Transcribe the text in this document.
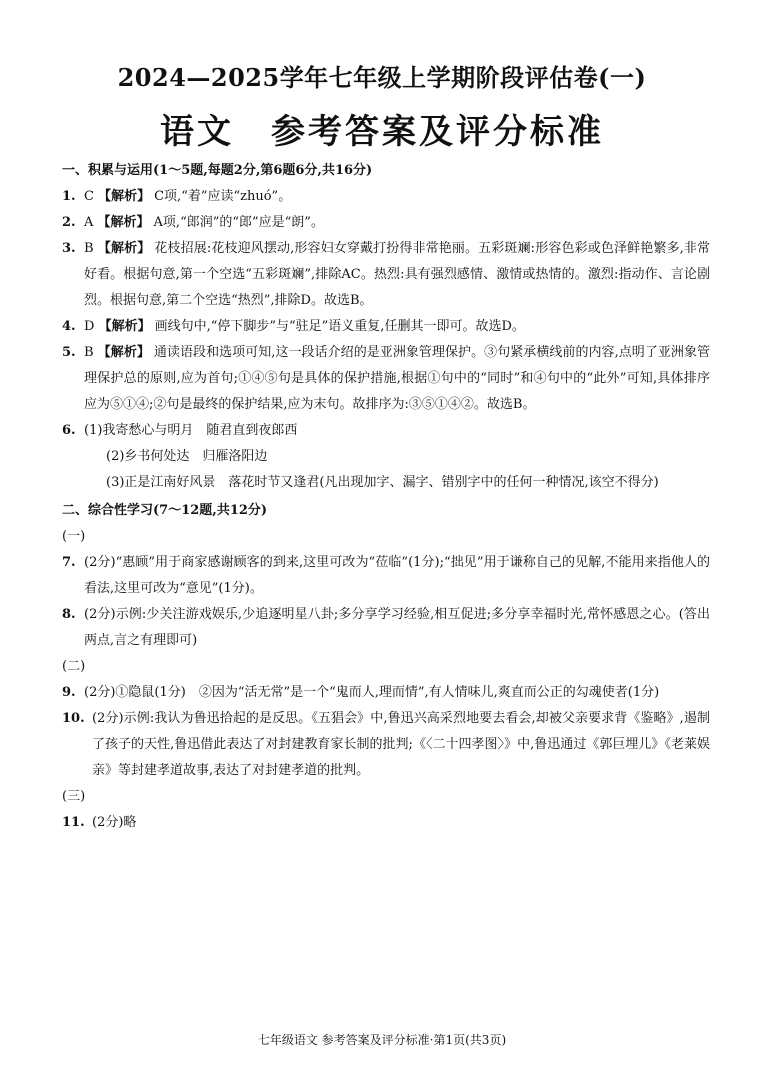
2024—2025学年七年级上学期阶段评估卷(一)
语文　参考答案及评分标准
一、积累与运用(1～5题,每题2分,第6题6分,共16分)
1. C 【解析】 C项,“着”应读“zhuó”。
2. A 【解析】 A项,“郎润”的“郎”应是“朗”。
3. B 【解析】 花枝招展:花枝迎风摆动,形容妇女穿戴打扮得非常艳丽。五彩斑斓:形容色彩或色泽鲜艳繁多,非常好看。根据句意,第一个空选“五彩斑斓”,排除AC。热烈:具有强烈感情、激情或热情的。激烈:指动作、言论剧烈。根据句意,第二个空选“热烈”,排除D。故选B。
4. D 【解析】 画线句中,“停下脚步”与“驻足”语义重复,任删其一即可。故选D。
5. B 【解析】 通读语段和选项可知,这一段话介绍的是亚洲象管理保护。③句紧承横线前的内容,点明了亚洲象管理保护总的原则,应为首句;①④⑤句是具体的保护措施,根据①句中的“同时”和④句中的“此外”可知,具体排序应为⑤①④;②句是最终的保护结果,应为末句。故排序为:③⑤①④②。故选B。
6. (1)我寄愁心与明月　随君直到夜郎西
(2)乡书何处达　归雁洛阳边
(3)正是江南好风景　落花时节又逢君(凡出现加字、漏字、错别字中的任何一种情况,该空不得分)
二、综合性学习(7～12题,共12分)
(一)
7. (2分)“惠顾”用于商家感谢顾客的到来,这里可改为“莅临”(1分);“拙见”用于谦称自己的见解,不能用来指他人的看法,这里可改为“意见”(1分)。
8. (2分)示例:少关注游戏娱乐,少追逐明星八卦;多分享学习经验,相互促进;多分享幸福时光,常怀感恩之心。(答出两点,言之有理即可)
(二)
9. (2分)①隐鼠(1分)　②因为“活无常”是一个“鬼而人,理而情”,有人情味儿,爽直而公正的勾魂使者(1分)
10. (2分)示例:我认为鲁迅拾起的是反思。《五猖会》中,鲁迅兴高采烈地要去看会,却被父亲要求背《鉴略》,遏制了孩子的天性,鲁迅借此表达了对封建教育家长制的批判;《〈二十四孝图〉》中,鲁迅通过《郭巨埋儿》《老莱娱亲》等封建孝道故事,表达了对封建孝道的批判。
(三)
11. (2分)略
七年级语文 参考答案及评分标准·第1页(共3页)
